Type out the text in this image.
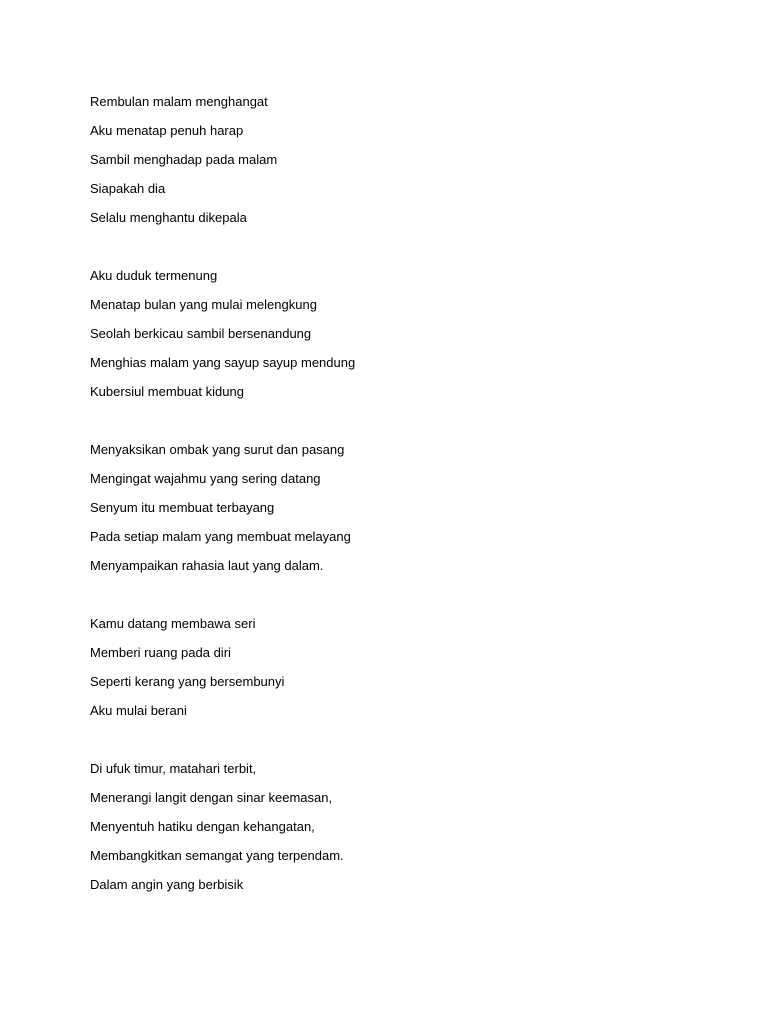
Rembulan malam menghangat
Aku menatap penuh harap
Sambil menghadap pada malam
Siapakah dia
Selalu menghantu dikepala
Aku duduk termenung
Menatap bulan yang mulai melengkung
Seolah berkicau sambil bersenandung
Menghias malam yang sayup sayup mendung
Kubersiul membuat kidung
Menyaksikan ombak yang surut dan pasang
Mengingat wajahmu yang sering datang
Senyum itu membuat terbayang
Pada setiap malam yang membuat melayang
Menyampaikan rahasia laut yang dalam.
Kamu datang membawa seri
Memberi ruang pada diri
Seperti kerang yang bersembunyi
Aku mulai berani
Di ufuk timur, matahari terbit,
Menerangi langit dengan sinar keemasan,
Menyentuh hatiku dengan kehangatan,
Membangkitkan semangat yang terpendam.
Dalam angin yang berbisik
